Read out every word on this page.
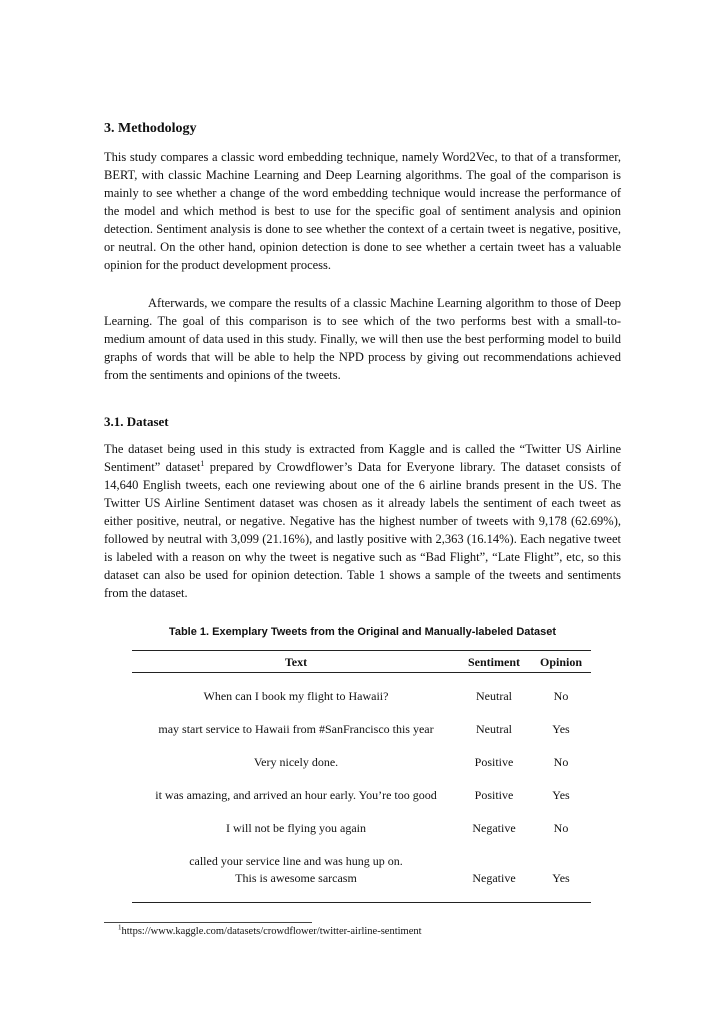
3. Methodology

This study compares a classic word embedding technique, namely Word2Vec, to that of a transformer, BERT, with classic Machine Learning and Deep Learning algorithms. The goal of the comparison is mainly to see whether a change of the word embedding technique would increase the performance of the model and which method is best to use for the specific goal of sentiment analysis and opinion detection. Sentiment analysis is done to see whether the context of a certain tweet is negative, positive, or neutral. On the other hand, opinion detection is done to see whether a certain tweet has a valuable opinion for the product development process.

Afterwards, we compare the results of a classic Machine Learning algorithm to those of Deep Learning. The goal of this comparison is to see which of the two performs best with a small-to-medium amount of data used in this study. Finally, we will then use the best performing model to build graphs of words that will be able to help the NPD process by giving out recommendations achieved from the sentiments and opinions of the tweets.

3.1. Dataset

The dataset being used in this study is extracted from Kaggle and is called the “Twitter US Airline Sentiment” dataset$^1$ prepared by Crowdflower’s Data for Everyone library. The dataset consists of 14,640 English tweets, each one reviewing about one of the 6 airline brands present in the US. The Twitter US Airline Sentiment dataset was chosen as it already labels the sentiment of each tweet as either positive, neutral, or negative. Negative has the highest number of tweets with 9,178 (62.69%), followed by neutral with 3,099 (21.16%), and lastly positive with 2,363 (16.14%). Each negative tweet is labeled with a reason on why the tweet is negative such as “Bad Flight”, “Late Flight”, etc, so this dataset can also be used for opinion detection. Table 1 shows a sample of the tweets and sentiments from the dataset.

Table 1. Exemplary Tweets from the Original and Manually-labeled Dataset

Text	Sentiment	Opinion
When can I book my flight to Hawaii?	Neutral	No
may start service to Hawaii from #SanFrancisco this year	Neutral	Yes
Very nicely done.	Positive	No
it was amazing, and arrived an hour early. You’re too good	Positive	Yes
I will not be flying you again	Negative	No
called your service line and was hung up on.
This is awesome sarcasm	Negative	Yes

$^1$https://www.kaggle.com/datasets/crowdflower/twitter-airline-sentiment
